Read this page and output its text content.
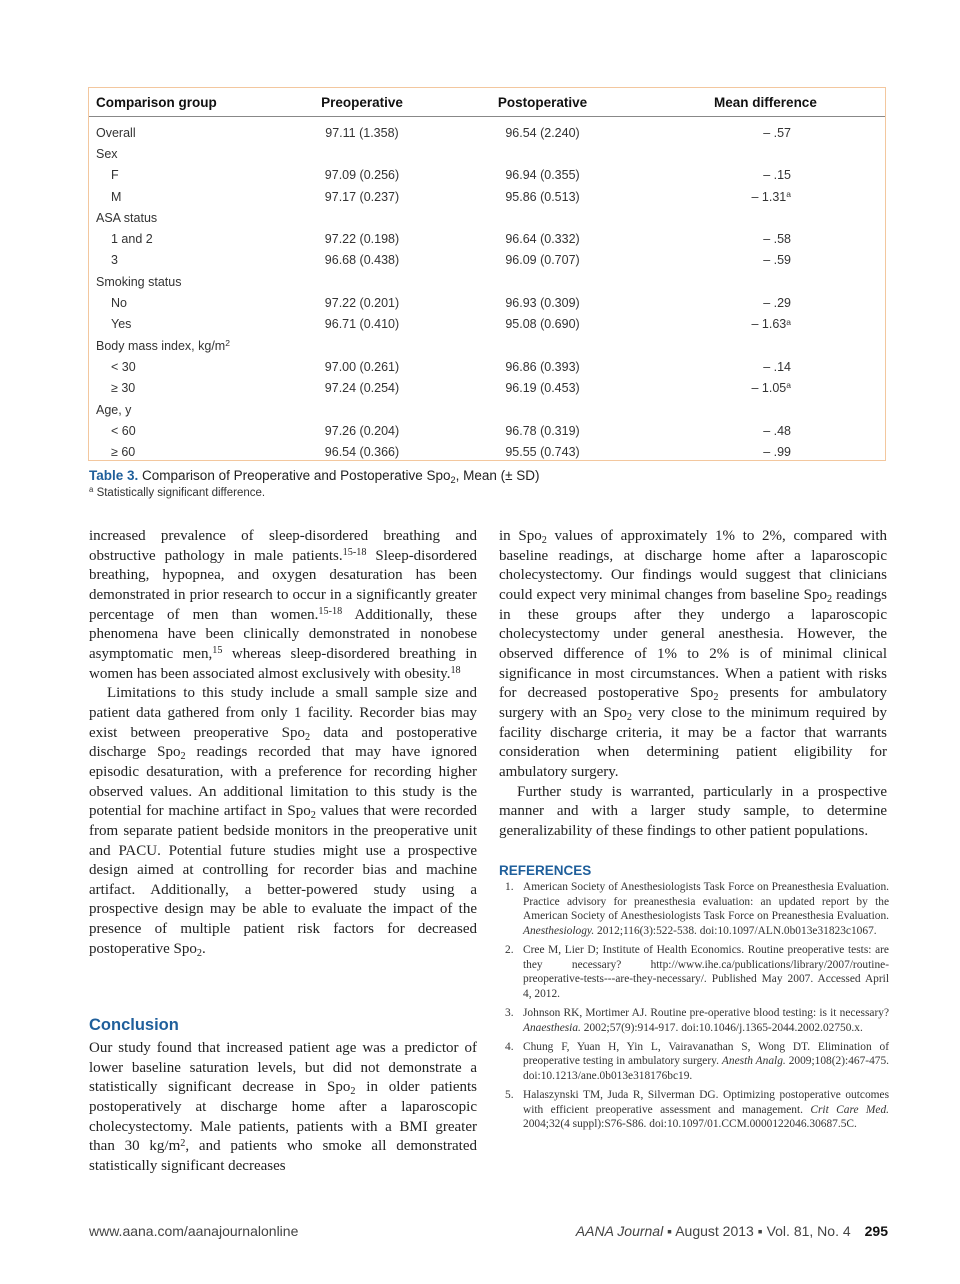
Comparison group	Preoperative	Postoperative	Mean difference
Overall	97.11 (1.358)	96.54 (2.240)	– .57
Sex			
F	97.09 (0.256)	96.94 (0.355)	– .15
M	97.17 (0.237)	95.86 (0.513)	– 1.31$^a$
ASA status			
1 and 2	97.22 (0.198)	96.64 (0.332)	– .58
3	96.68 (0.438)	96.09 (0.707)	– .59
Smoking status			
No	97.22 (0.201)	96.93 (0.309)	– .29
Yes	96.71 (0.410)	95.08 (0.690)	– 1.63$^a$
Body mass index, $kg/m^2$			
< 30	97.00 (0.261)	96.86 (0.393)	– .14
≥ 30	97.24 (0.254)	96.19 (0.453)	– 1.05$^a$
Age, y			
< 60	97.26 (0.204)	96.78 (0.319)	– .48
≥ 60	96.54 (0.366)	95.55 (0.743)	– .99
Table 3. Comparison of Preoperative and Postoperative Spo$_2$, Mean (± SD)
$^a$ Statistically significant difference.

increased prevalence of sleep-disordered breathing and obstructive pathology in male patients.$^{15-18}$ Sleep-disordered breathing, hypopnea, and oxygen desaturation has been demonstrated in prior research to occur in a significantly greater percentage of men than women.$^{15-18}$ Additionally, these phenomena have been clinically demonstrated in nonobese asymptomatic men,$^{15}$ whereas sleep-disordered breathing in women has been associated almost exclusively with obesity.$^{18}$

Limitations to this study include a small sample size and patient data gathered from only 1 facility. Recorder bias may exist between preoperative Spo$_2$ data and postoperative discharge Spo$_2$ readings recorded that may have ignored episodic desaturation, with a preference for recording higher observed values. An additional limitation to this study is the potential for machine artifact in Spo$_2$ values that were recorded from separate patient bedside monitors in the preoperative unit and PACU. Potential future studies might use a prospective design aimed at controlling for recorder bias and machine artifact. Additionally, a better-powered study using a prospective design may be able to evaluate the impact of the presence of multiple patient risk factors for decreased postoperative Spo$_2$.

Conclusion

Our study found that increased patient age was a predictor of lower baseline saturation levels, but did not demonstrate a statistically significant decrease in Spo$_2$ in older patients postoperatively at discharge home after a laparoscopic cholecystectomy. Male patients, patients with a BMI greater than 30 $kg/m^2$, and patients who smoke all demonstrated statistically significant decreases

in Spo$_2$ values of approximately 1% to 2%, compared with baseline readings, at discharge home after a laparoscopic cholecystectomy. Our findings would suggest that clinicians could expect very minimal changes from baseline Spo$_2$ readings in these groups after they undergo a laparoscopic cholecystectomy under general anesthesia. However, the observed difference of 1% to 2% is of minimal clinical significance in most circumstances. When a patient with risks for decreased postoperative Spo$_2$ presents for ambulatory surgery with an Spo$_2$ very close to the minimum required by facility discharge criteria, it may be a factor that warrants consideration when determining patient eligibility for ambulatory surgery.

Further study is warranted, particularly in a prospective manner and with a larger study sample, to determine generalizability of these findings to other patient populations.

REFERENCES
1. American Society of Anesthesiologists Task Force on Preanesthesia Evaluation. Practice advisory for preanesthesia evaluation: an updated report by the American Society of Anesthesiologists Task Force on Preanesthesia Evaluation. Anesthesiology. 2012;116(3):522-538. doi:10.1097/ALN.0b013e31823c1067.
2. Cree M, Lier D; Institute of Health Economics. Routine preoperative tests: are they necessary? http://www.ihe.ca/publications/library/2007/routine-preoperative-tests---are-they-necessary/. Published May 2007. Accessed April 4, 2012.
3. Johnson RK, Mortimer AJ. Routine pre-operative blood testing: is it necessary? Anaesthesia. 2002;57(9):914-917. doi:10.1046/j.1365-2044.2002.02750.x.
4. Chung F, Yuan H, Yin L, Vairavanathan S, Wong DT. Elimination of preoperative testing in ambulatory surgery. Anesth Analg. 2009;108(2):467-475. doi:10.1213/ane.0b013e318176bc19.
5. Halaszynski TM, Juda R, Silverman DG. Optimizing postoperative outcomes with efficient preoperative assessment and management. Crit Care Med. 2004;32(4 suppl):S76-S86. doi:10.1097/01.CCM.0000122046.30687.5C.
www.aana.com/aanajournalonline	AANA Journal ▪ August 2013 ▪ Vol. 81, No. 4 295
